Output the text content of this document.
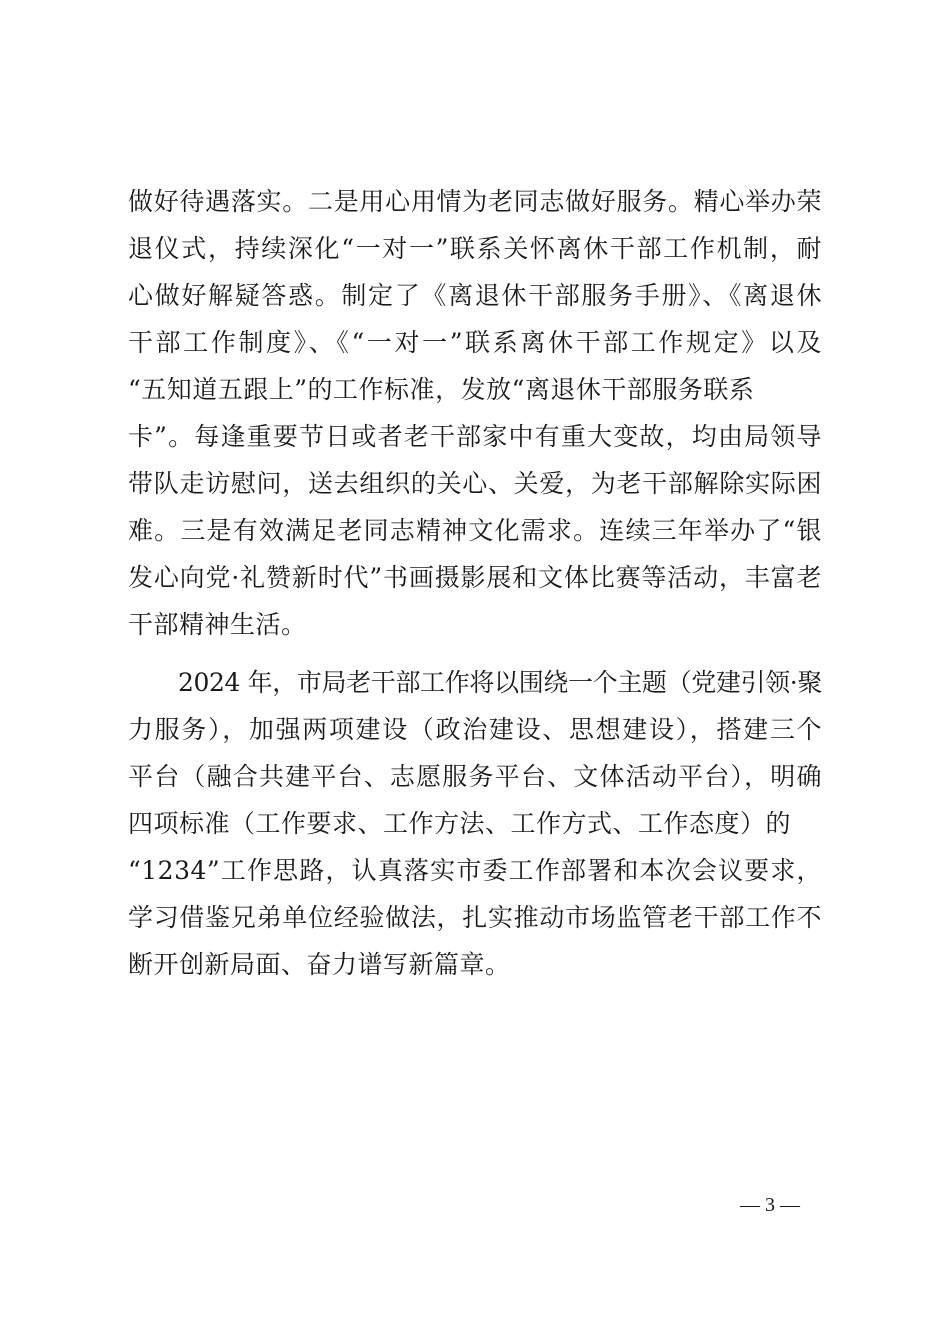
做好待遇落实。二是用心用情为老同志做好服务。精心举办荣
退仪式，持续深化“一对一”联系关怀离休干部工作机制，耐
心做好解疑答惑。制定了《离退休干部服务手册》、《离退休
干部工作制度》、《“一对一”联系离休干部工作规定》以及
“五知道五跟上”的工作标准，发放“离退休干部服务联系
卡”。每逢重要节日或者老干部家中有重大变故，均由局领导
带队走访慰问，送去组织的关心、关爱，为老干部解除实际困
难。三是有效满足老同志精神文化需求。连续三年举办了“银
发心向党·礼赞新时代”书画摄影展和文体比赛等活动，丰富老
干部精神生活。
2024 年，市局老干部工作将以围绕一个主题（党建引领·聚
力服务），加强两项建设（政治建设、思想建设），搭建三个
平台（融合共建平台、志愿服务平台、文体活动平台），明确
四项标准（工作要求、工作方法、工作方式、工作态度）的
“1234”工作思路，认真落实市委工作部署和本次会议要求，
学习借鉴兄弟单位经验做法，扎实推动市场监管老干部工作不
断开创新局面、奋力谱写新篇章。
— 3 —
